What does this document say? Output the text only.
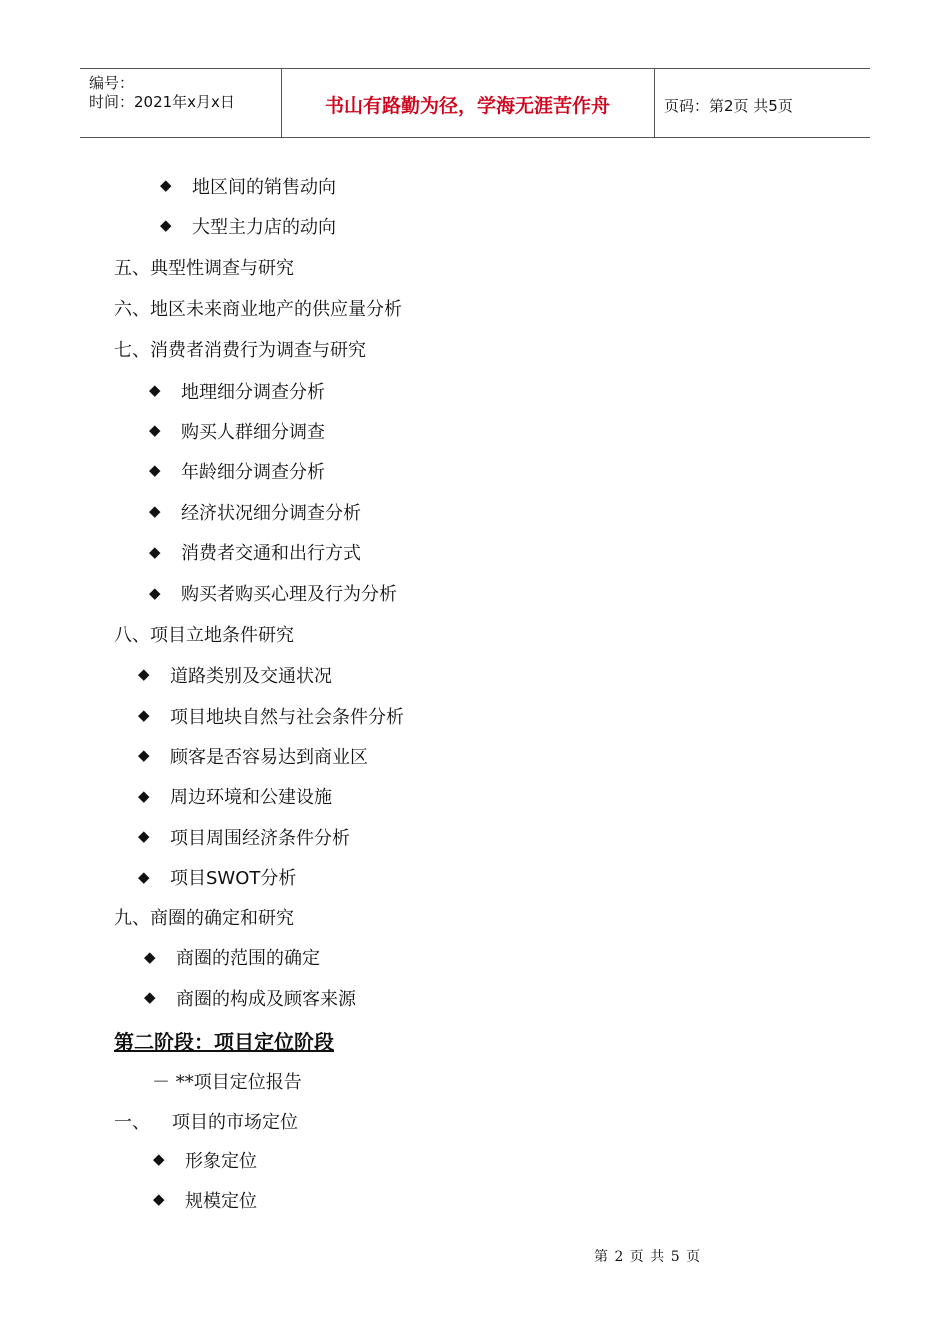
编号：
时间：2021年x月x日	书山有路勤为径，学海无涯苦作舟	页码：第2页 共5页
◆ 地区间的销售动向
◆ 大型主力店的动向
五、典型性调查与研究
六、地区未来商业地产的供应量分析
七、消费者消费行为调查与研究
◆ 地理细分调查分析
◆ 购买人群细分调查
◆ 年龄细分调查分析
◆ 经济状况细分调查分析
◆ 消费者交通和出行方式
◆ 购买者购买心理及行为分析
八、项目立地条件研究
◆ 道路类别及交通状况
◆ 项目地块自然与社会条件分析
◆ 顾客是否容易达到商业区
◆ 周边环境和公建设施
◆ 项目周围经济条件分析
◆ 项目SWOT分析
九、商圈的确定和研究
◆ 商圈的范围的确定
◆ 商圈的构成及顾客来源
第二阶段：项目定位阶段
－ **项目定位报告
一、 项目的市场定位
◆ 形象定位
◆ 规模定位
第 2 页 共 5 页
